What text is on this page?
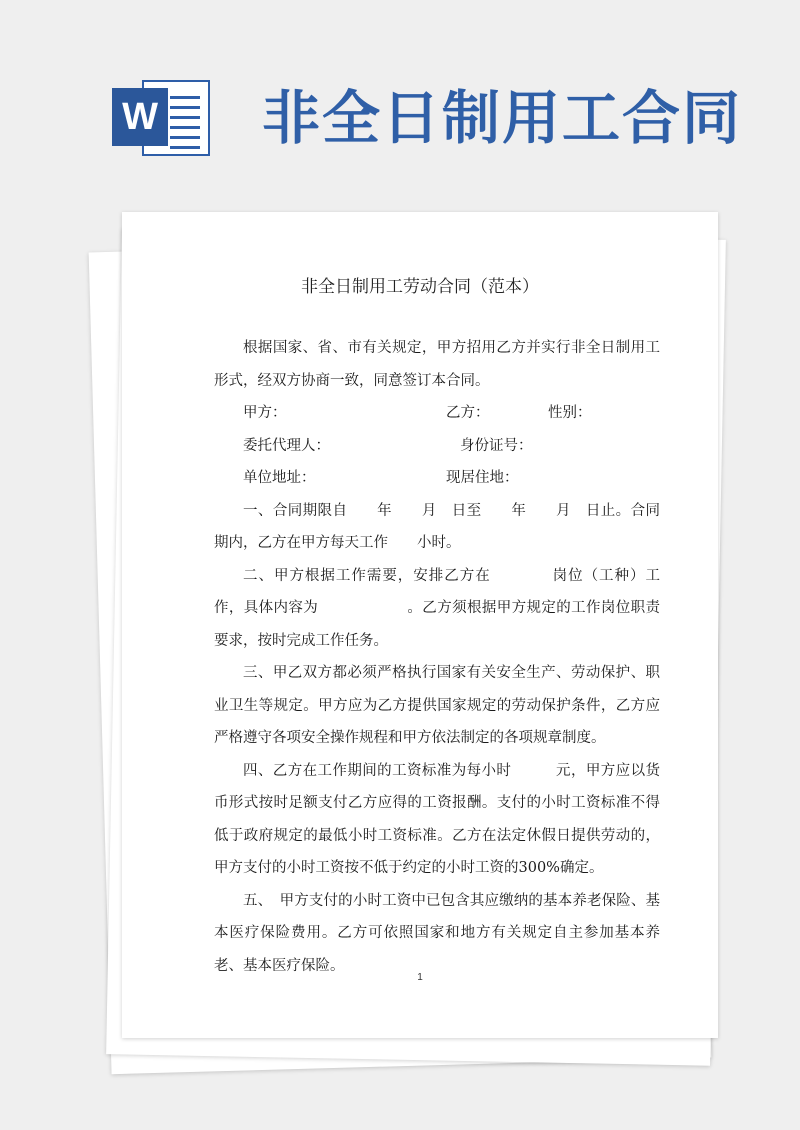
W 非全日制用工合同
非全日制用工劳动合同（范本）

根据国家、省、市有关规定，甲方招用乙方并实行非全日制用工形式，经双方协商一致，同意签订本合同。

甲方：	乙方：	性别：
委托代理人：	身份证号：
单位地址：	现居住地：

一、合同期限自　　年　　月　日至　　年　　月　日止。合同期内，乙方在甲方每天工作　　小时。

二、甲方根据工作需要，安排乙方在　　　　岗位（工种）工作，具体内容为　　　　　　。乙方须根据甲方规定的工作岗位职责要求，按时完成工作任务。

三、甲乙双方都必须严格执行国家有关安全生产、劳动保护、职业卫生等规定。甲方应为乙方提供国家规定的劳动保护条件，乙方应严格遵守各项安全操作规程和甲方依法制定的各项规章制度。

四、乙方在工作期间的工资标准为每小时　　　元，甲方应以货币形式按时足额支付乙方应得的工资报酬。支付的小时工资标准不得低于政府规定的最低小时工资标准。乙方在法定休假日提供劳动的，甲方支付的小时工资按不低于约定的小时工资的300%确定。

五、　甲方支付的小时工资中已包含其应缴纳的基本养老保险、基本医疗保险费用。乙方可依照国家和地方有关规定自主参加基本养老、基本医疗保险。

1
